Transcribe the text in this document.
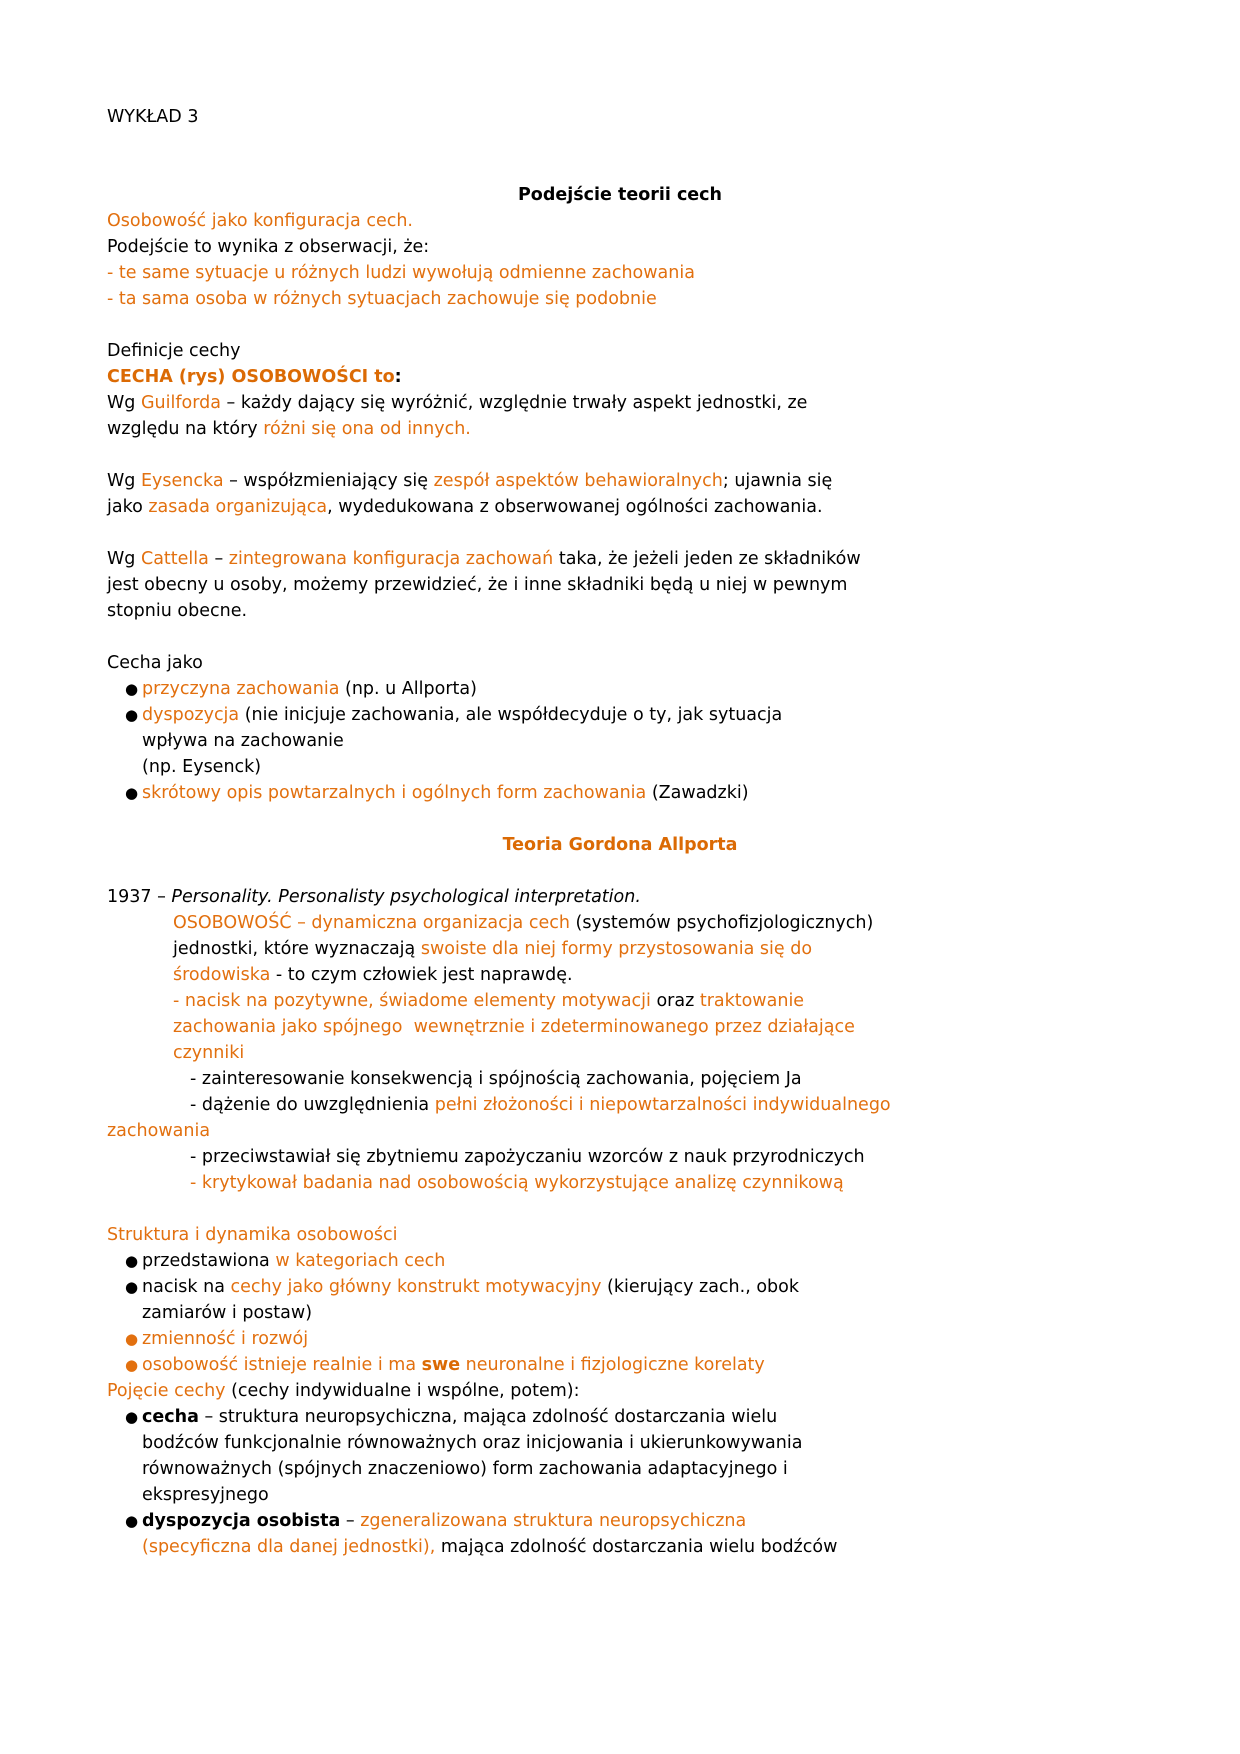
WYKŁAD 3
Podejście teorii cech
Osobowość jako konfiguracja cech.
Podejście to wynika z obserwacji, że:
- te same sytuacje u różnych ludzi wywołują odmienne zachowania
- ta sama osoba w różnych sytuacjach zachowuje się podobnie
Definicje cechy
CECHA (rys) OSOBOWOŚCI to:
Wg Guilforda – każdy dający się wyróżnić, względnie trwały aspekt jednostki, ze
względu na który różni się ona od innych.
Wg Eysencka – współzmieniający się zespół aspektów behawioralnych; ujawnia się
jako zasada organizująca, wydedukowana z obserwowanej ogólności zachowania.
Wg Cattella – zintegrowana konfiguracja zachowań taka, że jeżeli jeden ze składników
jest obecny u osoby, możemy przewidzieć, że i inne składniki będą u niej w pewnym
stopniu obecne.
Cecha jako
● przyczyna zachowania (np. u Allporta)
● dyspozycja (nie inicjuje zachowania, ale współdecyduje o ty, jak sytuacja
wpływa na zachowanie
(np. Eysenck)
● skrótowy opis powtarzalnych i ogólnych form zachowania (Zawadzki)
Teoria Gordona Allporta
1937 – Personality. Personalisty psychological interpretation.
OSOBOWOŚĆ – dynamiczna organizacja cech (systemów psychofizjologicznych)
jednostki, które wyznaczają swoiste dla niej formy przystosowania się do
środowiska - to czym człowiek jest naprawdę.
- nacisk na pozytywne, świadome elementy motywacji oraz traktowanie
zachowania jako spójnego  wewnętrznie i zdeterminowanego przez działające
czynniki
- zainteresowanie konsekwencją i spójnością zachowania, pojęciem Ja
- dążenie do uwzględnienia pełni złożoności i niepowtarzalności indywidualnego
zachowania
- przeciwstawiał się zbytniemu zapożyczaniu wzorców z nauk przyrodniczych
- krytykował badania nad osobowością wykorzystujące analizę czynnikową
Struktura i dynamika osobowości
● przedstawiona w kategoriach cech
● nacisk na cechy jako główny konstrukt motywacyjny (kierujący zach., obok
zamiarów i postaw)
● zmienność i rozwój
● osobowość istnieje realnie i ma swe neuronalne i fizjologiczne korelaty
Pojęcie cechy (cechy indywidualne i wspólne, potem):
● cecha – struktura neuropsychiczna, mająca zdolność dostarczania wielu
bodźców funkcjonalnie równoważnych oraz inicjowania i ukierunkowywania
równoważnych (spójnych znaczeniowo) form zachowania adaptacyjnego i
ekspresyjnego
● dyspozycja osobista – zgeneralizowana struktura neuropsychiczna
(specyficzna dla danej jednostki), mająca zdolność dostarczania wielu bodźców
